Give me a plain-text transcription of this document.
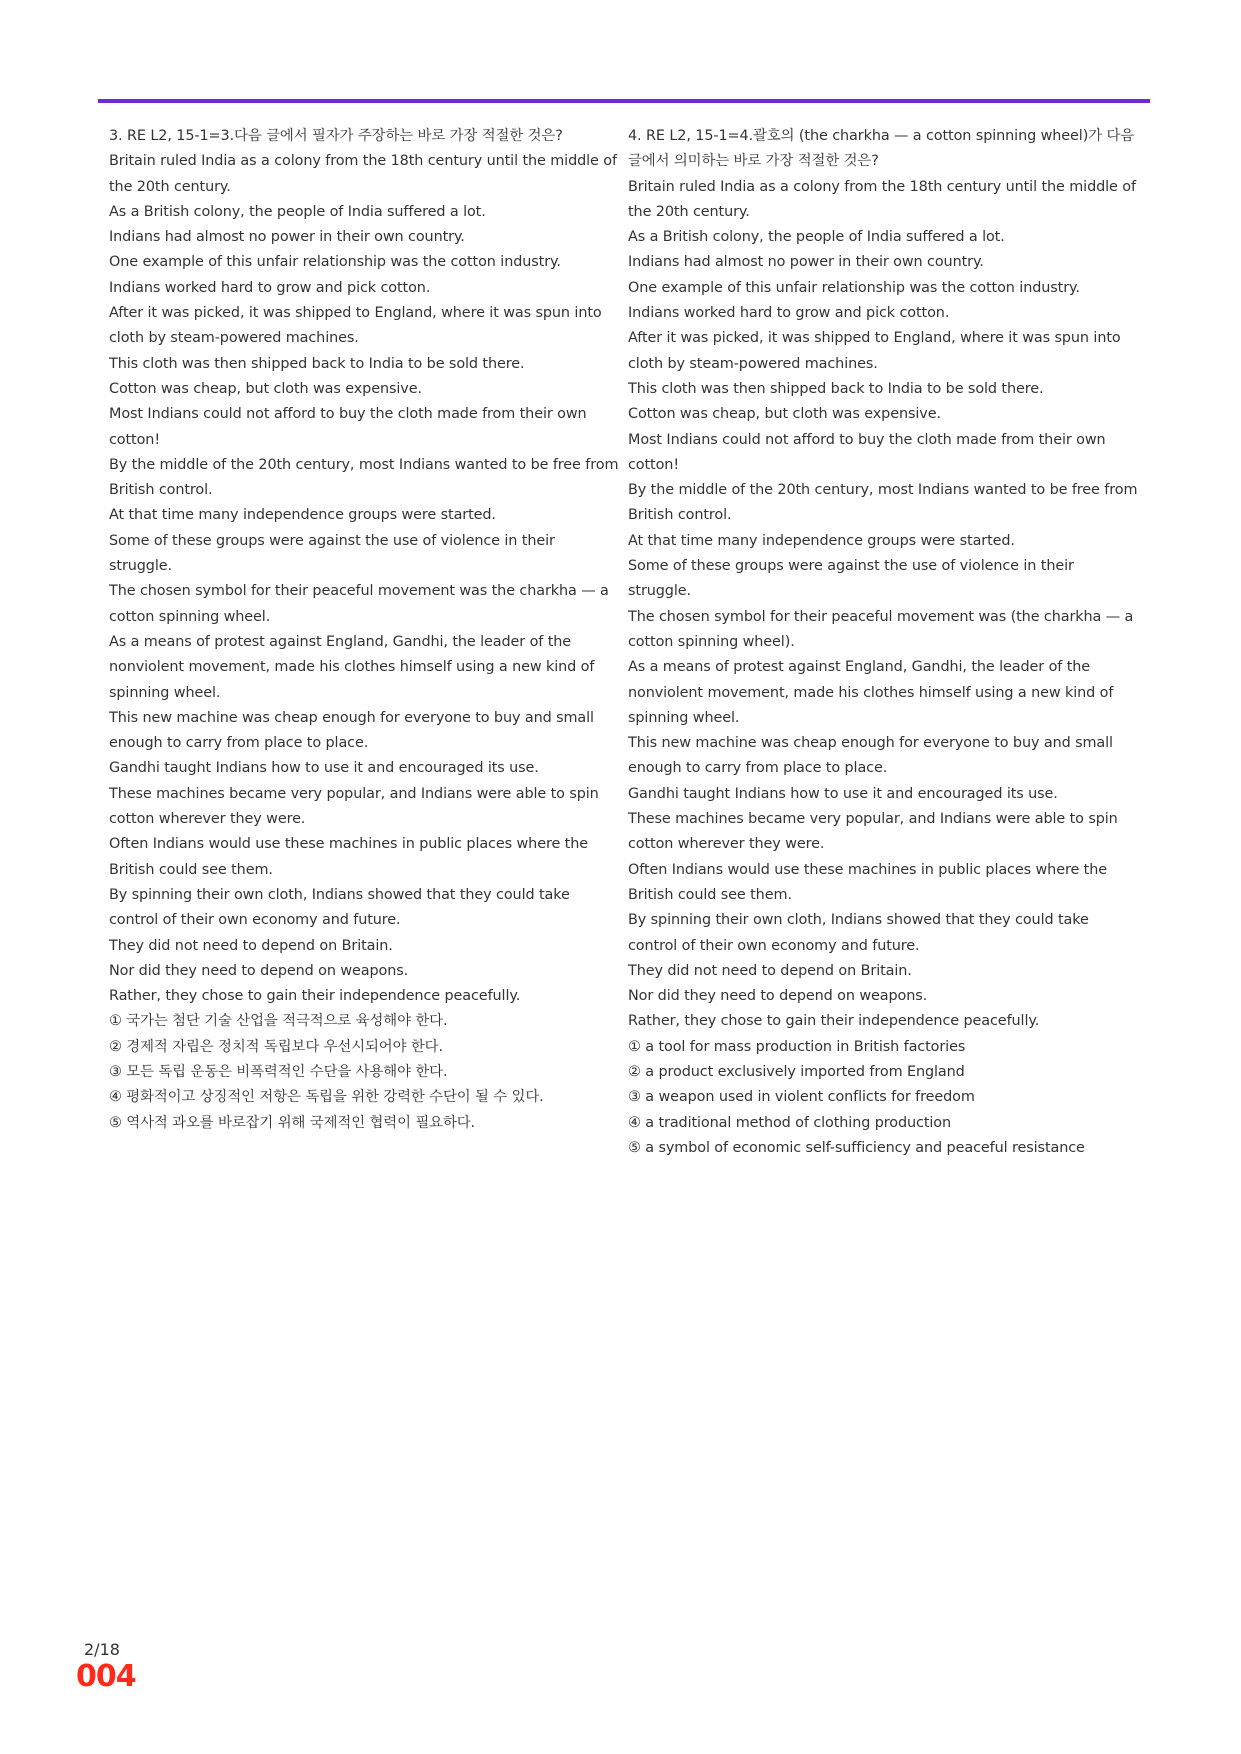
3. RE L2, 15-1=3.다음 글에서 필자가 주장하는 바로 가장 적절한 것은?
Britain ruled India as a colony from the 18th century until the middle of the 20th century.
As a British colony, the people of India suffered a lot.
Indians had almost no power in their own country.
One example of this unfair relationship was the cotton industry.
Indians worked hard to grow and pick cotton.
After it was picked, it was shipped to England, where it was spun into cloth by steam-powered machines.
This cloth was then shipped back to India to be sold there.
Cotton was cheap, but cloth was expensive.
Most Indians could not afford to buy the cloth made from their own cotton!
By the middle of the 20th century, most Indians wanted to be free from British control.
At that time many independence groups were started.
Some of these groups were against the use of violence in their struggle.
The chosen symbol for their peaceful movement was the charkha — a cotton spinning wheel.
As a means of protest against England, Gandhi, the leader of the nonviolent movement, made his clothes himself using a new kind of spinning wheel.
This new machine was cheap enough for everyone to buy and small enough to carry from place to place.
Gandhi taught Indians how to use it and encouraged its use.
These machines became very popular, and Indians were able to spin cotton wherever they were.
Often Indians would use these machines in public places where the British could see them.
By spinning their own cloth, Indians showed that they could take control of their own economy and future.
They did not need to depend on Britain.
Nor did they need to depend on weapons.
Rather, they chose to gain their independence peacefully.
① 국가는 첨단 기술 산업을 적극적으로 육성해야 한다.
② 경제적 자립은 정치적 독립보다 우선시되어야 한다.
③ 모든 독립 운동은 비폭력적인 수단을 사용해야 한다.
④ 평화적이고 상징적인 저항은 독립을 위한 강력한 수단이 될 수 있다.
⑤ 역사적 과오를 바로잡기 위해 국제적인 협력이 필요하다.
4. RE L2, 15-1=4.괄호의 (the charkha — a cotton spinning wheel)가 다음 글에서 의미하는 바로 가장 적절한 것은?
Britain ruled India as a colony from the 18th century until the middle of the 20th century.
As a British colony, the people of India suffered a lot.
Indians had almost no power in their own country.
One example of this unfair relationship was the cotton industry.
Indians worked hard to grow and pick cotton.
After it was picked, it was shipped to England, where it was spun into cloth by steam-powered machines.
This cloth was then shipped back to India to be sold there.
Cotton was cheap, but cloth was expensive.
Most Indians could not afford to buy the cloth made from their own cotton!
By the middle of the 20th century, most Indians wanted to be free from British control.
At that time many independence groups were started.
Some of these groups were against the use of violence in their struggle.
The chosen symbol for their peaceful movement was (the charkha — a cotton spinning wheel).
As a means of protest against England, Gandhi, the leader of the nonviolent movement, made his clothes himself using a new kind of spinning wheel.
This new machine was cheap enough for everyone to buy and small enough to carry from place to place.
Gandhi taught Indians how to use it and encouraged its use.
These machines became very popular, and Indians were able to spin cotton wherever they were.
Often Indians would use these machines in public places where the British could see them.
By spinning their own cloth, Indians showed that they could take control of their own economy and future.
They did not need to depend on Britain.
Nor did they need to depend on weapons.
Rather, they chose to gain their independence peacefully.
① a tool for mass production in British factories
② a product exclusively imported from England
③ a weapon used in violent conflicts for freedom
④ a traditional method of clothing production
⑤ a symbol of economic self-sufficiency and peaceful resistance
2/18
004
